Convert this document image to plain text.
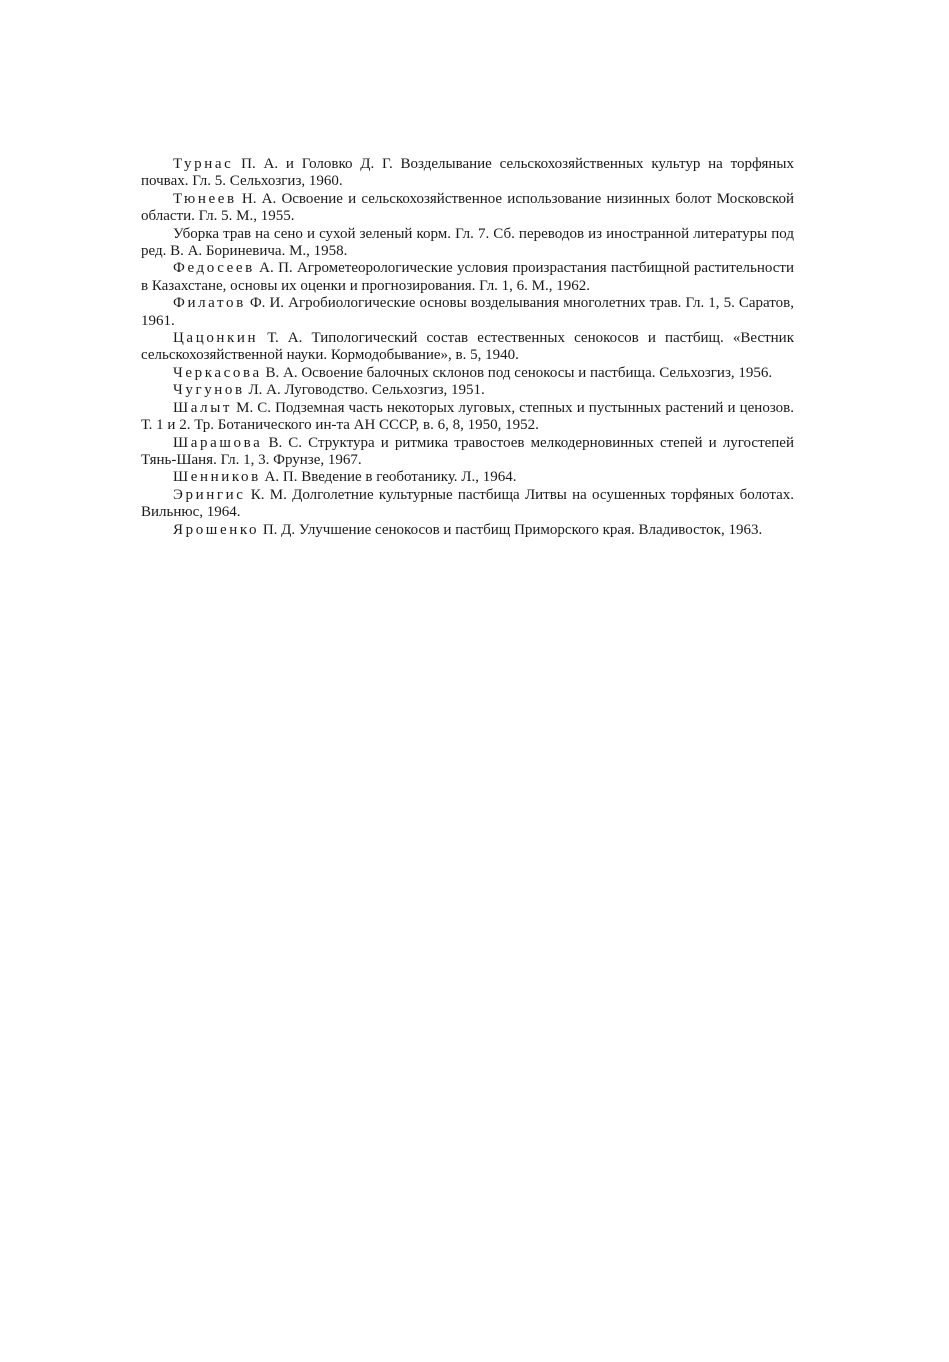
Турнас П. А. и Головко Д. Г. Возделывание сельскохозяйственных культур на торфяных почвах. Гл. 5. Сельхозгиз, 1960.

Тюнеев Н. А. Освоение и сельскохозяйственное использование низинных болот Московской области. Гл. 5. М., 1955.

Уборка трав на сено и сухой зеленый корм. Гл. 7. Сб. переводов из иностранной литературы под ред. В. А. Бориневича. М., 1958.

Федосеев А. П. Агрометеорологические условия произрастания пастбищной растительности в Казахстане, основы их оценки и прогнозирования. Гл. 1, 6. М., 1962.

Филатов Ф. И. Агробиологические основы возделывания многолетних трав. Гл. 1, 5. Саратов, 1961.

Цацонкин Т. А. Типологический состав естественных сенокосов и пастбищ. «Вестник сельскохозяйственной науки. Кормодобывание», в. 5, 1940.

Черкасова В. А. Освоение балочных склонов под сенокосы и пастбища. Сельхозгиз, 1956.

Чугунов Л. А. Луговодство. Сельхозгиз, 1951.

Шалыт М. С. Подземная часть некоторых луговых, степных и пустынных растений и ценозов. Т. 1 и 2. Тр. Ботанического ин-та АН СССР, в. 6, 8, 1950, 1952.

Шарашова В. С. Структура и ритмика травостоев мелкодерновинных степей и лугостепей Тянь-Шаня. Гл. 1, 3. Фрунзе, 1967.

Шенников А. П. Введение в геоботанику. Л., 1964.

Эрингис К. М. Долголетние культурные пастбища Литвы на осушенных торфяных болотах. Вильнюс, 1964.

Ярошенко П. Д. Улучшение сенокосов и пастбищ Приморского края. Владивосток, 1963.
